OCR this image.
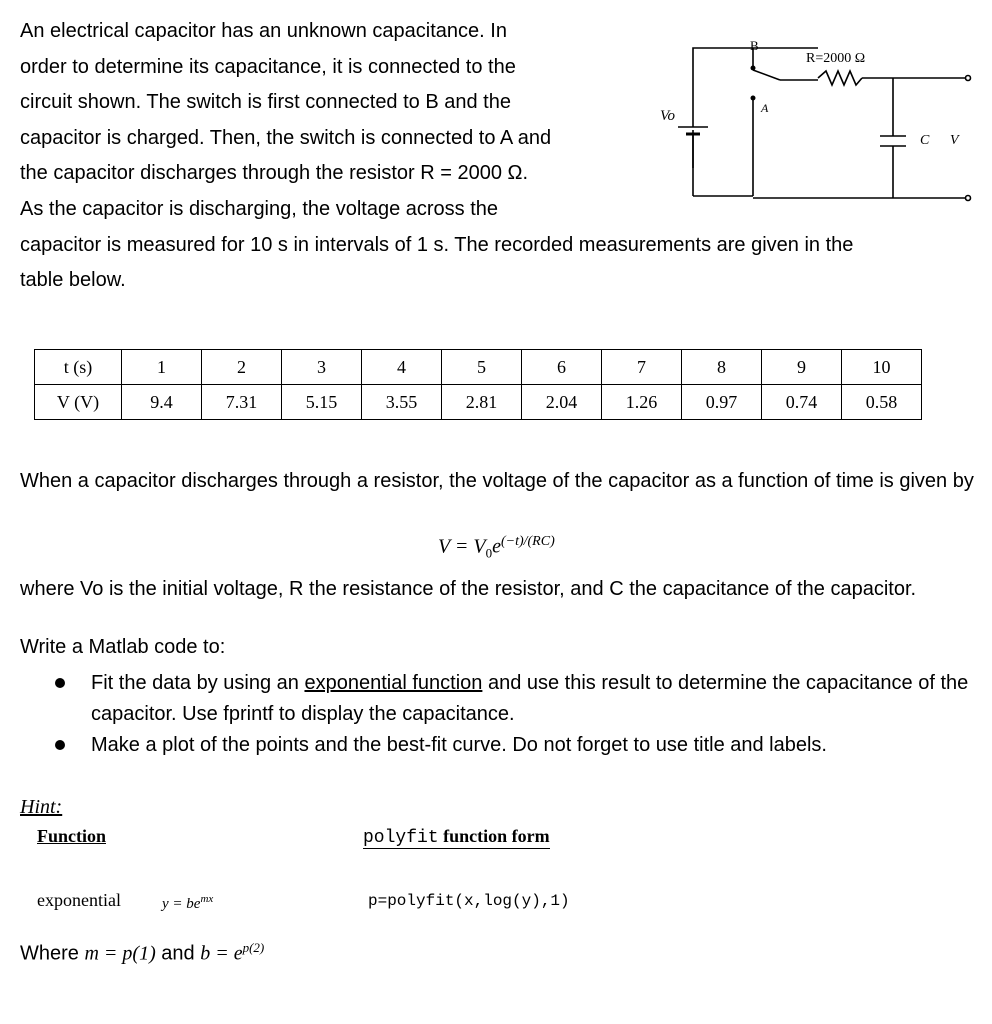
An electrical capacitor has an unknown capacitance. In
order to determine its capacitance, it is connected to the
circuit shown. The switch is first connected to B and the
capacitor is charged. Then, the switch is connected to A and
the capacitor discharges through the resistor R = 2000 Ω.
As the capacitor is discharging, the voltage across the
capacitor is measured for 10 s in intervals of 1 s. The recorded measurements are given in the
table below.
B
A
Vo
R=2000 Ω
C V
t (s)	1	2	3	4	5	6	7	8	9	10
V (V)	9.4	7.31	5.15	3.55	2.81	2.04	1.26	0.97	0.74	0.58
When a capacitor discharges through a resistor, the voltage of the capacitor as a function of time is given by
$V = V_0e^{(-t)/(RC)}$
where Vo is the initial voltage, R the resistance of the resistor, and C the capacitance of the capacitor.
Write a Matlab code to:
Fit the data by using an exponential function and use this result to determine the capacitance of the capacitor. Use fprintf to display the capacitance.
Make a plot of the points and the best-fit curve. Do not forget to use title and labels.
Hint:
Function	polyfit function form
exponential	$y = be^{mx}$	p=polyfit(x,log(y),1)
Where m = p(1) and $b = e^{p(2)}$
